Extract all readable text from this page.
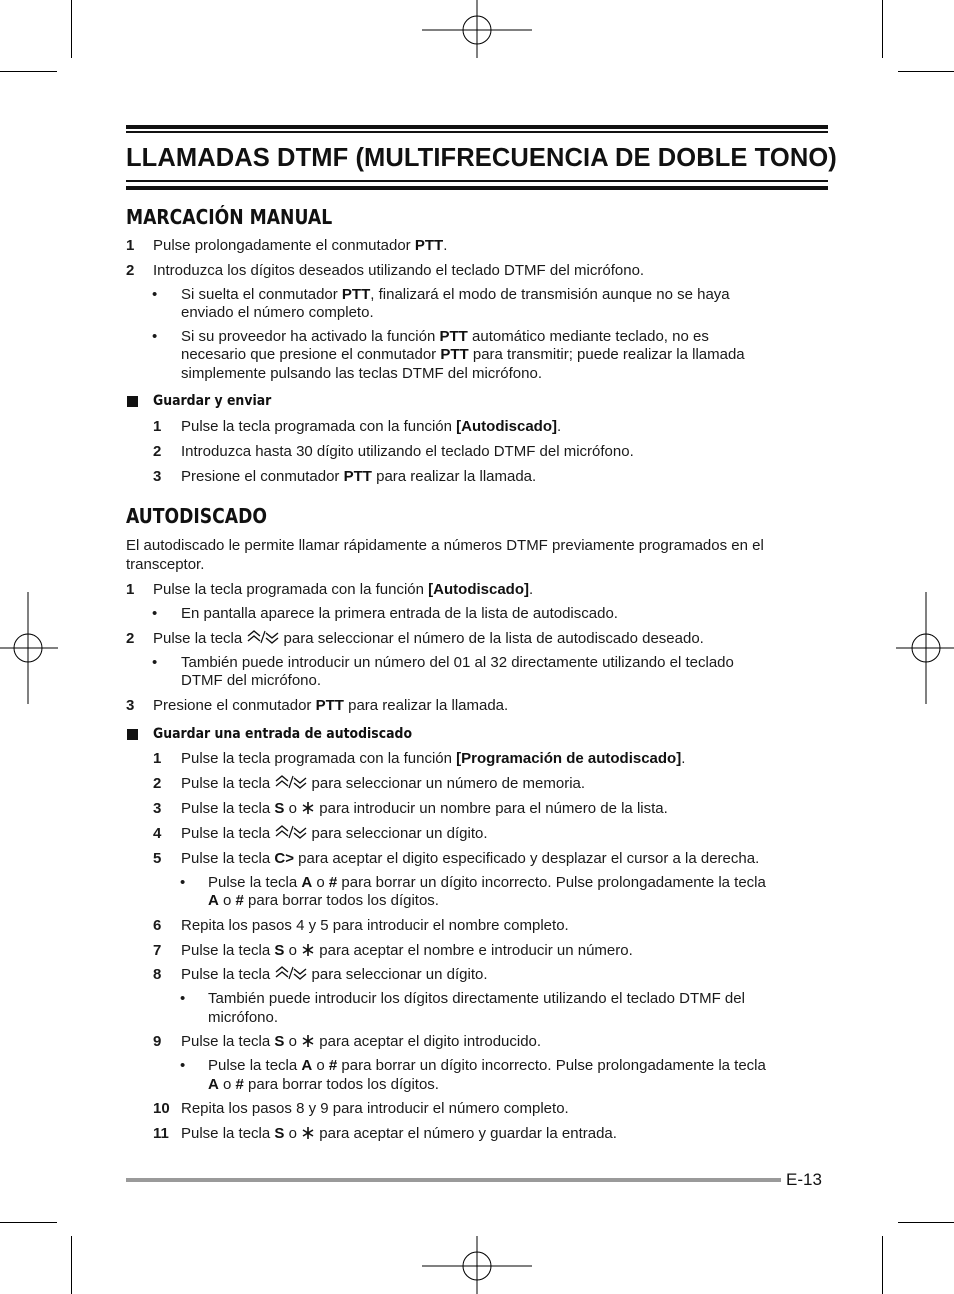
LLAMADAS DTMF (MULTIFRECUENCIA DE DOBLE TONO)
MARCACIÓN MANUAL
1 Pulse prolongadamente el conmutador PTT.
2 Introduzca los dígitos deseados utilizando el teclado DTMF del micrófono.
• Si suelta el conmutador PTT, finalizará el modo de transmisión aunque no se haya
enviado el número completo.
• Si su proveedor ha activado la función PTT automático mediante teclado, no es
necesario que presione el conmutador PTT para transmitir; puede realizar la llamada
simplemente pulsando las teclas DTMF del micrófono.
Guardar y enviar
1 Pulse la tecla programada con la función [Autodiscado].
2 Introduzca hasta 30 dígito utilizando el teclado DTMF del micrófono.
3 Presione el conmutador PTT para realizar la llamada.
AUTODISCADO
El autodiscado le permite llamar rápidamente a números DTMF previamente programados en el
transceptor.
1 Pulse la tecla programada con la función [Autodiscado].
• En pantalla aparece la primera entrada de la lista de autodiscado.
2 Pulse la tecla  para seleccionar el número de la lista de autodiscado deseado.
• También puede introducir un número del 01 al 32 directamente utilizando el teclado
DTMF del micrófono.
3 Presione el conmutador PTT para realizar la llamada.
Guardar una entrada de autodiscado
1 Pulse la tecla programada con la función [Programación de autodiscado].
2 Pulse la tecla  para seleccionar un número de memoria.
3 Pulse la tecla S o  para introducir un nombre para el número de la lista.
4 Pulse la tecla  para seleccionar un dígito.
5 Pulse la tecla C> para aceptar el digito especificado y desplazar el cursor a la derecha.
• Pulse la tecla A o # para borrar un dígito incorrecto. Pulse prolongadamente la tecla
A o # para borrar todos los dígitos.
6 Repita los pasos 4 y 5 para introducir el nombre completo.
7 Pulse la tecla S o  para aceptar el nombre e introducir un número.
8 Pulse la tecla  para seleccionar un dígito.
• También puede introducir los dígitos directamente utilizando el teclado DTMF del
micrófono.
9 Pulse la tecla S o  para aceptar el digito introducido.
• Pulse la tecla A o # para borrar un dígito incorrecto. Pulse prolongadamente la tecla
A o # para borrar todos los dígitos.
10 Repita los pasos 8 y 9 para introducir el número completo.
11 Pulse la tecla S o  para aceptar el número y guardar la entrada.
E-13
